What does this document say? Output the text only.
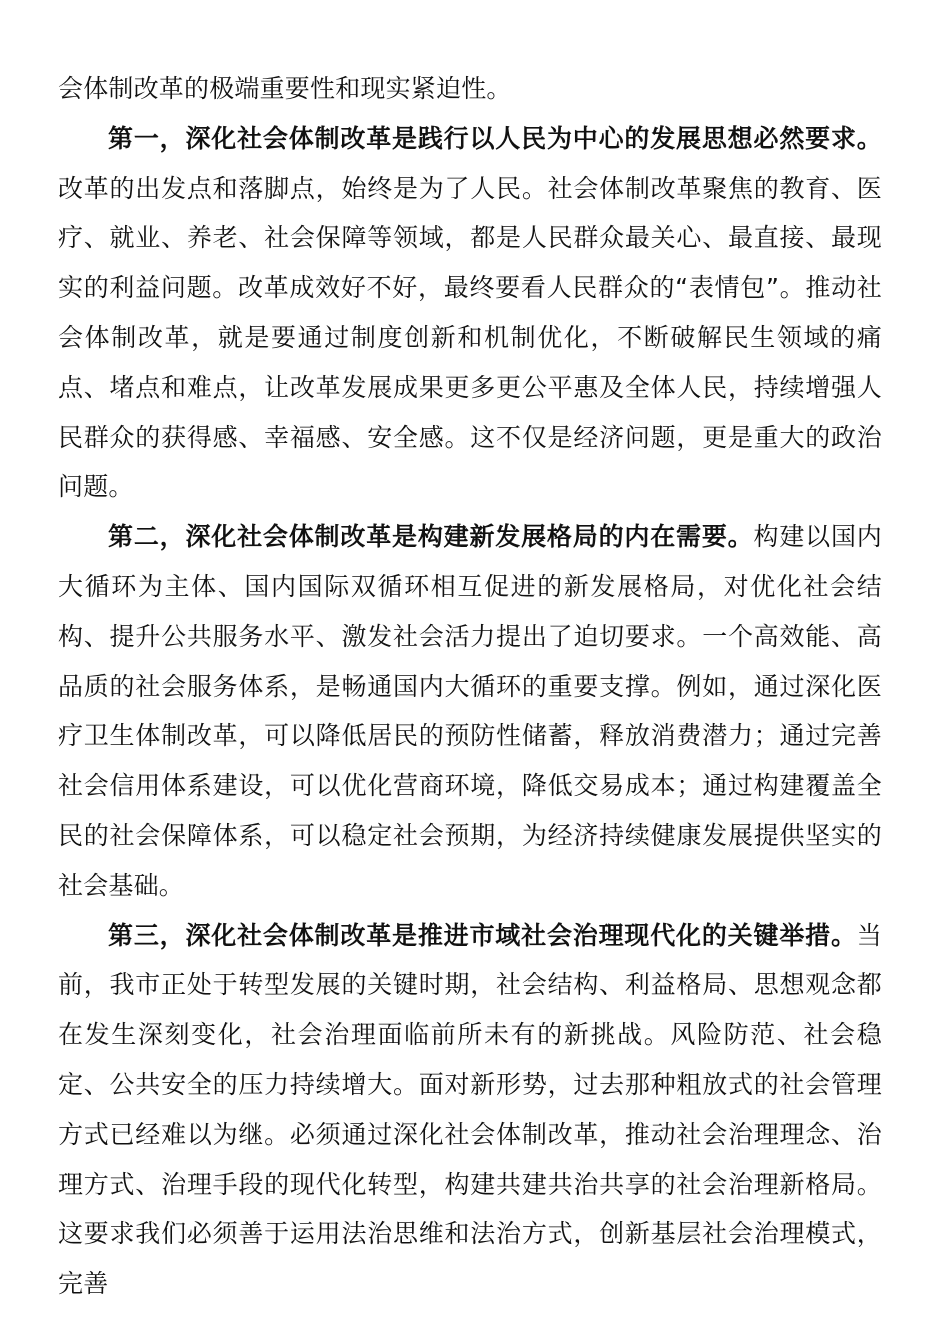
会体制改革的极端重要性和现实紧迫性。

第一，深化社会体制改革是践行以人民为中心的发展思想必然要求。改革的出发点和落脚点，始终是为了人民。社会体制改革聚焦的教育、医疗、就业、养老、社会保障等领域，都是人民群众最关心、最直接、最现实的利益问题。改革成效好不好，最终要看人民群众的“表情包”。推动社会体制改革，就是要通过制度创新和机制优化，不断破解民生领域的痛点、堵点和难点，让改革发展成果更多更公平惠及全体人民，持续增强人民群众的获得感、幸福感、安全感。这不仅是经济问题，更是重大的政治问题。

第二，深化社会体制改革是构建新发展格局的内在需要。构建以国内大循环为主体、国内国际双循环相互促进的新发展格局，对优化社会结构、提升公共服务水平、激发社会活力提出了迫切要求。一个高效能、高品质的社会服务体系，是畅通国内大循环的重要支撑。例如，通过深化医疗卫生体制改革，可以降低居民的预防性储蓄，释放消费潜力；通过完善社会信用体系建设，可以优化营商环境，降低交易成本；通过构建覆盖全民的社会保障体系，可以稳定社会预期，为经济持续健康发展提供坚实的社会基础。

第三，深化社会体制改革是推进市域社会治理现代化的关键举措。当前，我市正处于转型发展的关键时期，社会结构、利益格局、思想观念都在发生深刻变化，社会治理面临前所未有的新挑战。风险防范、社会稳定、公共安全的压力持续增大。面对新形势，过去那种粗放式的社会管理方式已经难以为继。必须通过深化社会体制改革，推动社会治理理念、治理方式、治理手段的现代化转型，构建共建共治共享的社会治理新格局。这要求我们必须善于运用法治思维和法治方式，创新基层社会治理模式，完善
